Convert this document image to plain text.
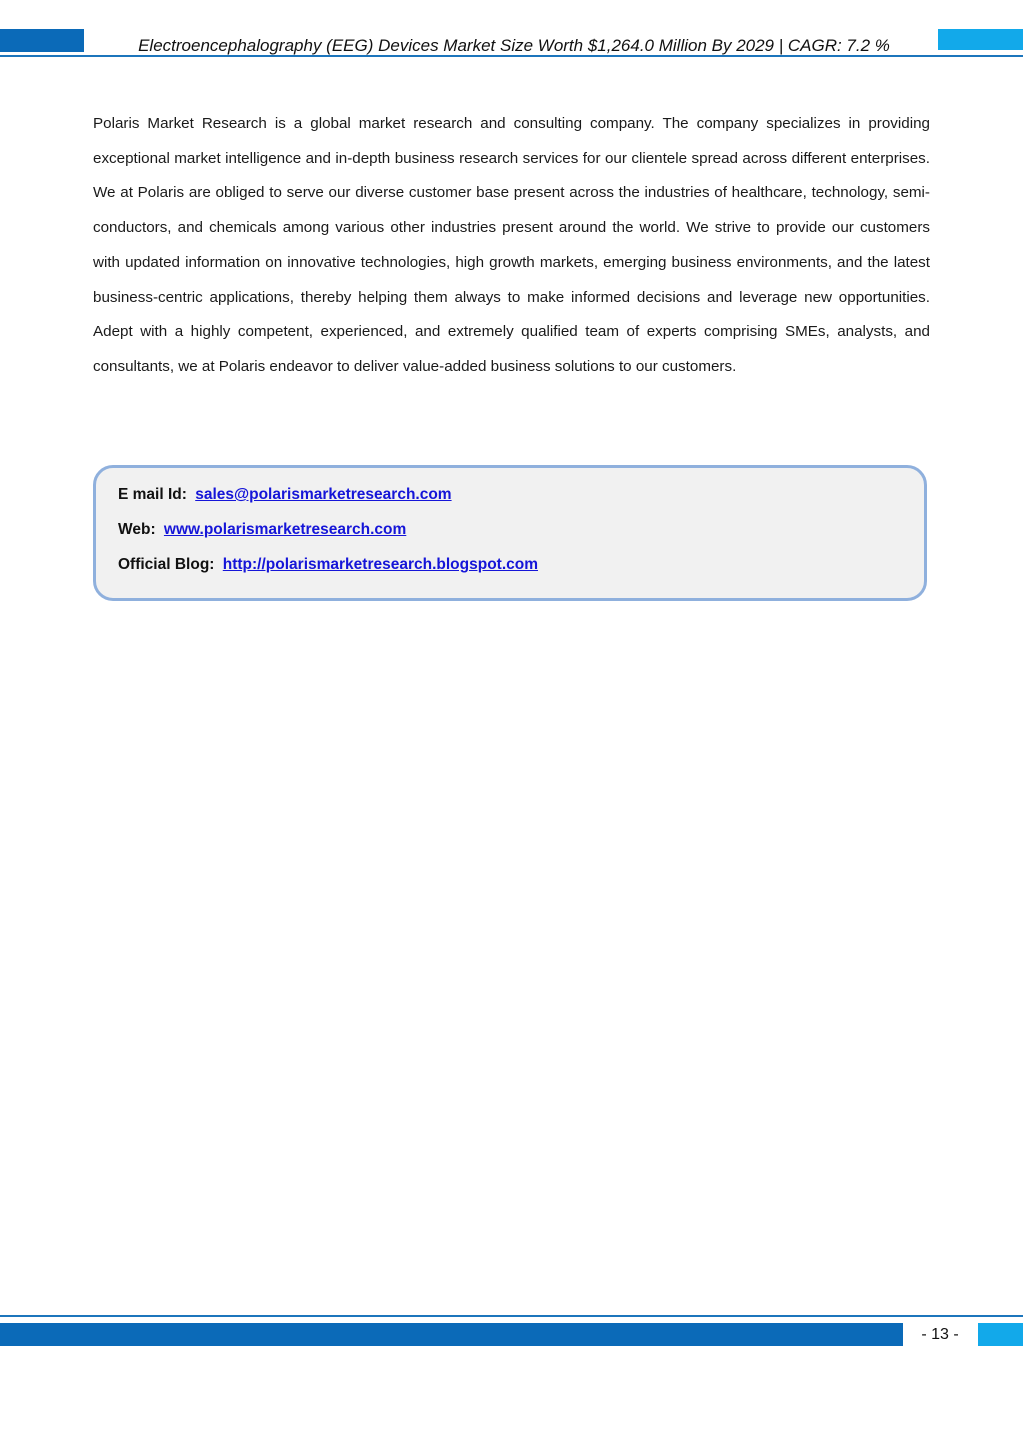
Electroencephalography (EEG) Devices Market Size Worth $1,264.0 Million By 2029 | CAGR: 7.2 %

Polaris Market Research is a global market research and consulting company. The company specializes in providing exceptional market intelligence and in-depth business research services for our clientele spread across different enterprises. We at Polaris are obliged to serve our diverse customer base present across the industries of healthcare, technology, semi-conductors, and chemicals among various other industries present around the world. We strive to provide our customers with updated information on innovative technologies, high growth markets, emerging business environments, and the latest business-centric applications, thereby helping them always to make informed decisions and leverage new opportunities. Adept with a highly competent, experienced, and extremely qualified team of experts comprising SMEs, analysts, and consultants, we at Polaris endeavor to deliver value-added business solutions to our customers.

E mail Id: sales@polarismarketresearch.com
Web: www.polarismarketresearch.com
Official Blog: http://polarismarketresearch.blogspot.com
- 13 -
